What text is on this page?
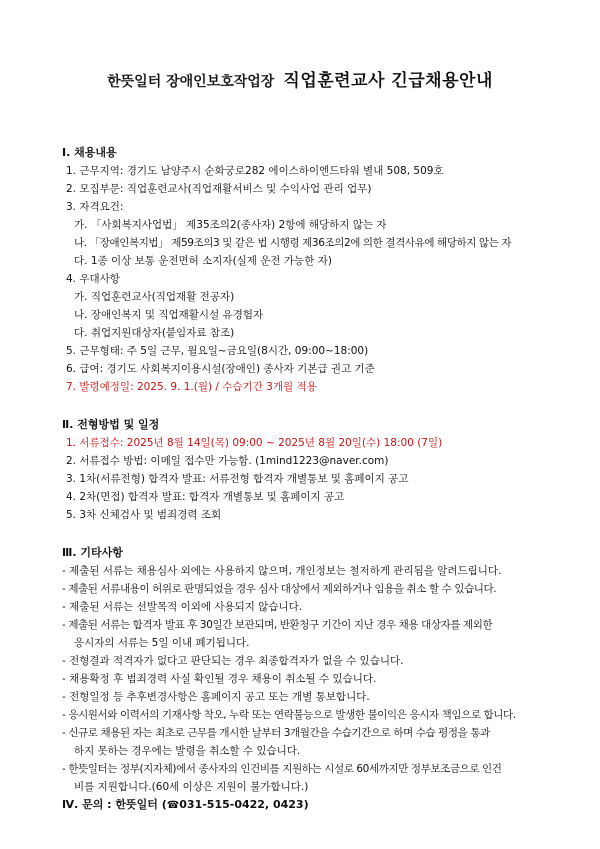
한뜻일터 장애인보호작업장 직업훈련교사 긴급채용안내
Ⅰ. 채용내용
1. 근무지역: 경기도 남양주시 순화궁로282 에이스하이엔드타워 별내 508, 509호
2. 모집부문: 직업훈련교사(직업재활서비스 및 수익사업 관리 업무)
3. 자격요건:
가. 「사회복지사업법」 제35조의2(종사자) 2항에 해당하지 않는 자
나. 「장애인복지법」 제59조의3 및 같은 법 시행령 제36조의2에 의한 결격사유에 해당하지 않는 자
다. 1종 이상 보통 운전면허 소지자(실제 운전 가능한 자)
4. 우대사항
가. 직업훈련교사(직업재활 전공자)
나. 장애인복지 및 직업재활시설 유경험자
다. 취업지원대상자(붙임자료 참조)
5. 근무형태: 주 5일 근무, 월요일~금요일(8시간, 09:00~18:00)
6. 급여: 경기도 사회복지이용시설(장애인) 종사자 기본급 권고 기준
7. 발령예정일: 2025. 9. 1.(월) / 수습기간 3개월 적용
Ⅱ. 전형방법 및 일정
1. 서류접수: 2025년 8월 14일(목) 09:00 ~ 2025년 8월 20일(수) 18:00 (7일)
2. 서류접수 방법: 이메일 접수만 가능함. (1mind1223@naver.com)
3. 1차(서류전형) 합격자 발표: 서류전형 합격자 개별통보 및 홈페이지 공고
4. 2차(면접) 합격자 발표: 합격자 개별통보 및 홈페이지 공고
5. 3차 신체검사 및 범죄경력 조회
Ⅲ. 기타사항
- 제출된 서류는 채용심사 외에는 사용하지 않으며, 개인정보는 철저하게 관리됨을 알려드립니다.
- 제출된 서류내용이 허위로 판명되었을 경우 심사 대상에서 제외하거나 임용을 취소 할 수 있습니다.
- 제출된 서류는 선발목적 이외에 사용되지 않습니다.
- 제출된 서류는 합격자 발표 후 30일간 보관되며, 반환청구 기간이 지난 경우 채용 대상자를 제외한
응시자의 서류는 5일 이내 폐기됩니다.
- 전형결과 적격자가 없다고 판단되는 경우 최종합격자가 없을 수 있습니다.
- 채용확정 후 범죄경력 사실 확인될 경우 채용이 취소될 수 있습니다.
- 전형일정 등 추후변경사항은 홈페이지 공고 또는 개별 통보합니다.
- 응시원서와 이력서의 기재사항 착오, 누락 또는 연락불능으로 발생한 불이익은 응시자 책임으로 합니다.
- 신규로 채용된 자는 최초로 근무를 개시한 날부터 3개월간을 수습기간으로 하며 수습 평정을 통과
하지 못하는 경우에는 발령을 취소할 수 있습니다.
- 한뜻일터는 정부(지자체)에서 종사자의 인건비를 지원하는 시설로 60세까지만 정부보조금으로 인건
비를 지원합니다.(60세 이상은 지원이 불가합니다.)
Ⅳ. 문의 : 한뜻일터 (☎031-515-0422, 0423)
